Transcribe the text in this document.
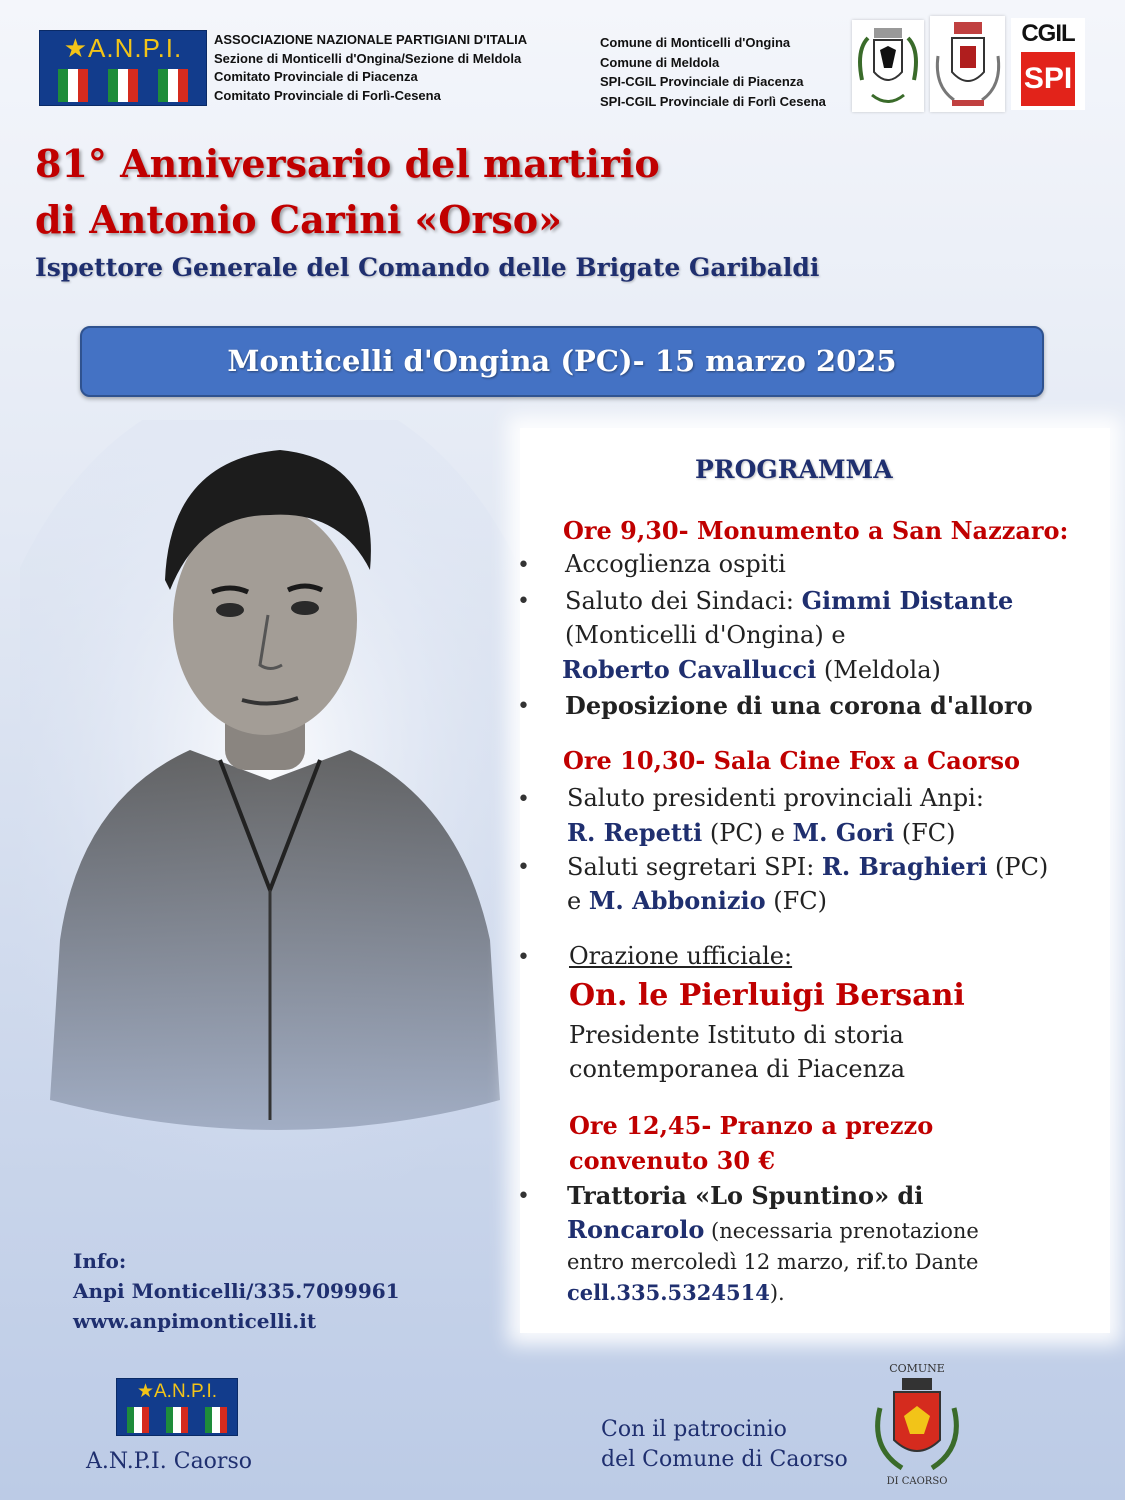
★A.N.P.I.	ASSOCIAZIONE NAZIONALE PARTIGIANI D'ITALIA
Sezione di Monticelli d'Ongina/Sezione di Meldola
Comitato Provinciale di Piacenza
Comitato Provinciale di Forlì-Cesena
Comune di Monticelli d'Ongina
Comune di Meldola
SPI-CGIL Provinciale di Piacenza
SPI-CGIL Provinciale di Forlì Cesena
CGIL
SPI
81° Anniversario del martirio
di Antonio Carini «Orso»
Ispettore Generale del Comando delle Brigate Garibaldi
Monticelli d'Ongina (PC)- 15 marzo 2025
PROGRAMMA
Ore 9,30- Monumento a San Nazzaro:
• Accoglienza ospiti
• Saluto dei Sindaci: Gimmi Distante
(Monticelli d'Ongina) e
Roberto Cavallucci (Meldola)
• Deposizione di una corona d'alloro
Ore 10,30- Sala Cine Fox a Caorso
• Saluto presidenti provinciali Anpi:
R. Repetti (PC) e M. Gori (FC)
• Saluti segretari SPI: R. Braghieri (PC)
e M. Abbonizio (FC)
• Orazione ufficiale:
On. le Pierluigi Bersani
Presidente Istituto di storia
contemporanea di Piacenza
Ore 12,45- Pranzo a prezzo
convenuto 30 €
• Trattoria «Lo Spuntino» di
Roncarolo (necessaria prenotazione
entro mercoledì 12 marzo, rif.to Dante
cell.335.5324514).
Info:
Anpi Monticelli/335.7099961
www.anpimonticelli.it
★A.N.P.I.
A.N.P.I. Caorso
Con il patrocinio
del Comune di Caorso
COMUNE
DI CAORSO
